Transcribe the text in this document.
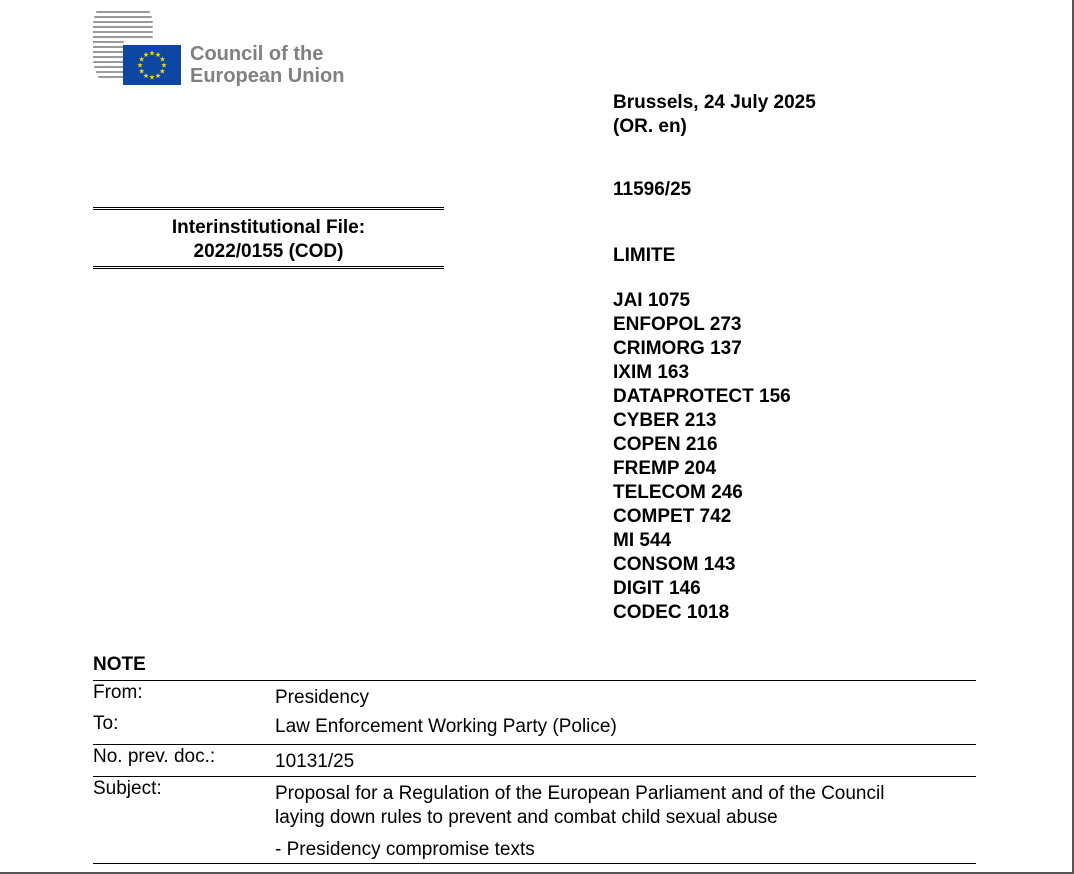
★
★
★
★
★
★
★
★
★ ★ ★
★ Council of the
European Union
Brussels, 24 July 2025
(OR. en)
11596/25
LIMITE
JAI 1075
ENFOPOL 273
CRIMORG 137
IXIM 163
DATAPROTECT 156
CYBER 213
COPEN 216
FREMP 204
TELECOM 246
COMPET 742
MI 544
CONSOM 143
DIGIT 146
CODEC 1018
Interinstitutional File:
2022/0155 (COD)
NOTE
From:	Presidency
To:	Law Enforcement Working Party (Police)
No. prev. doc.:	10131/25
Subject:	Proposal for a Regulation of the European Parliament and of the Council
laying down rules to prevent and combat child sexual abuse
- Presidency compromise texts
